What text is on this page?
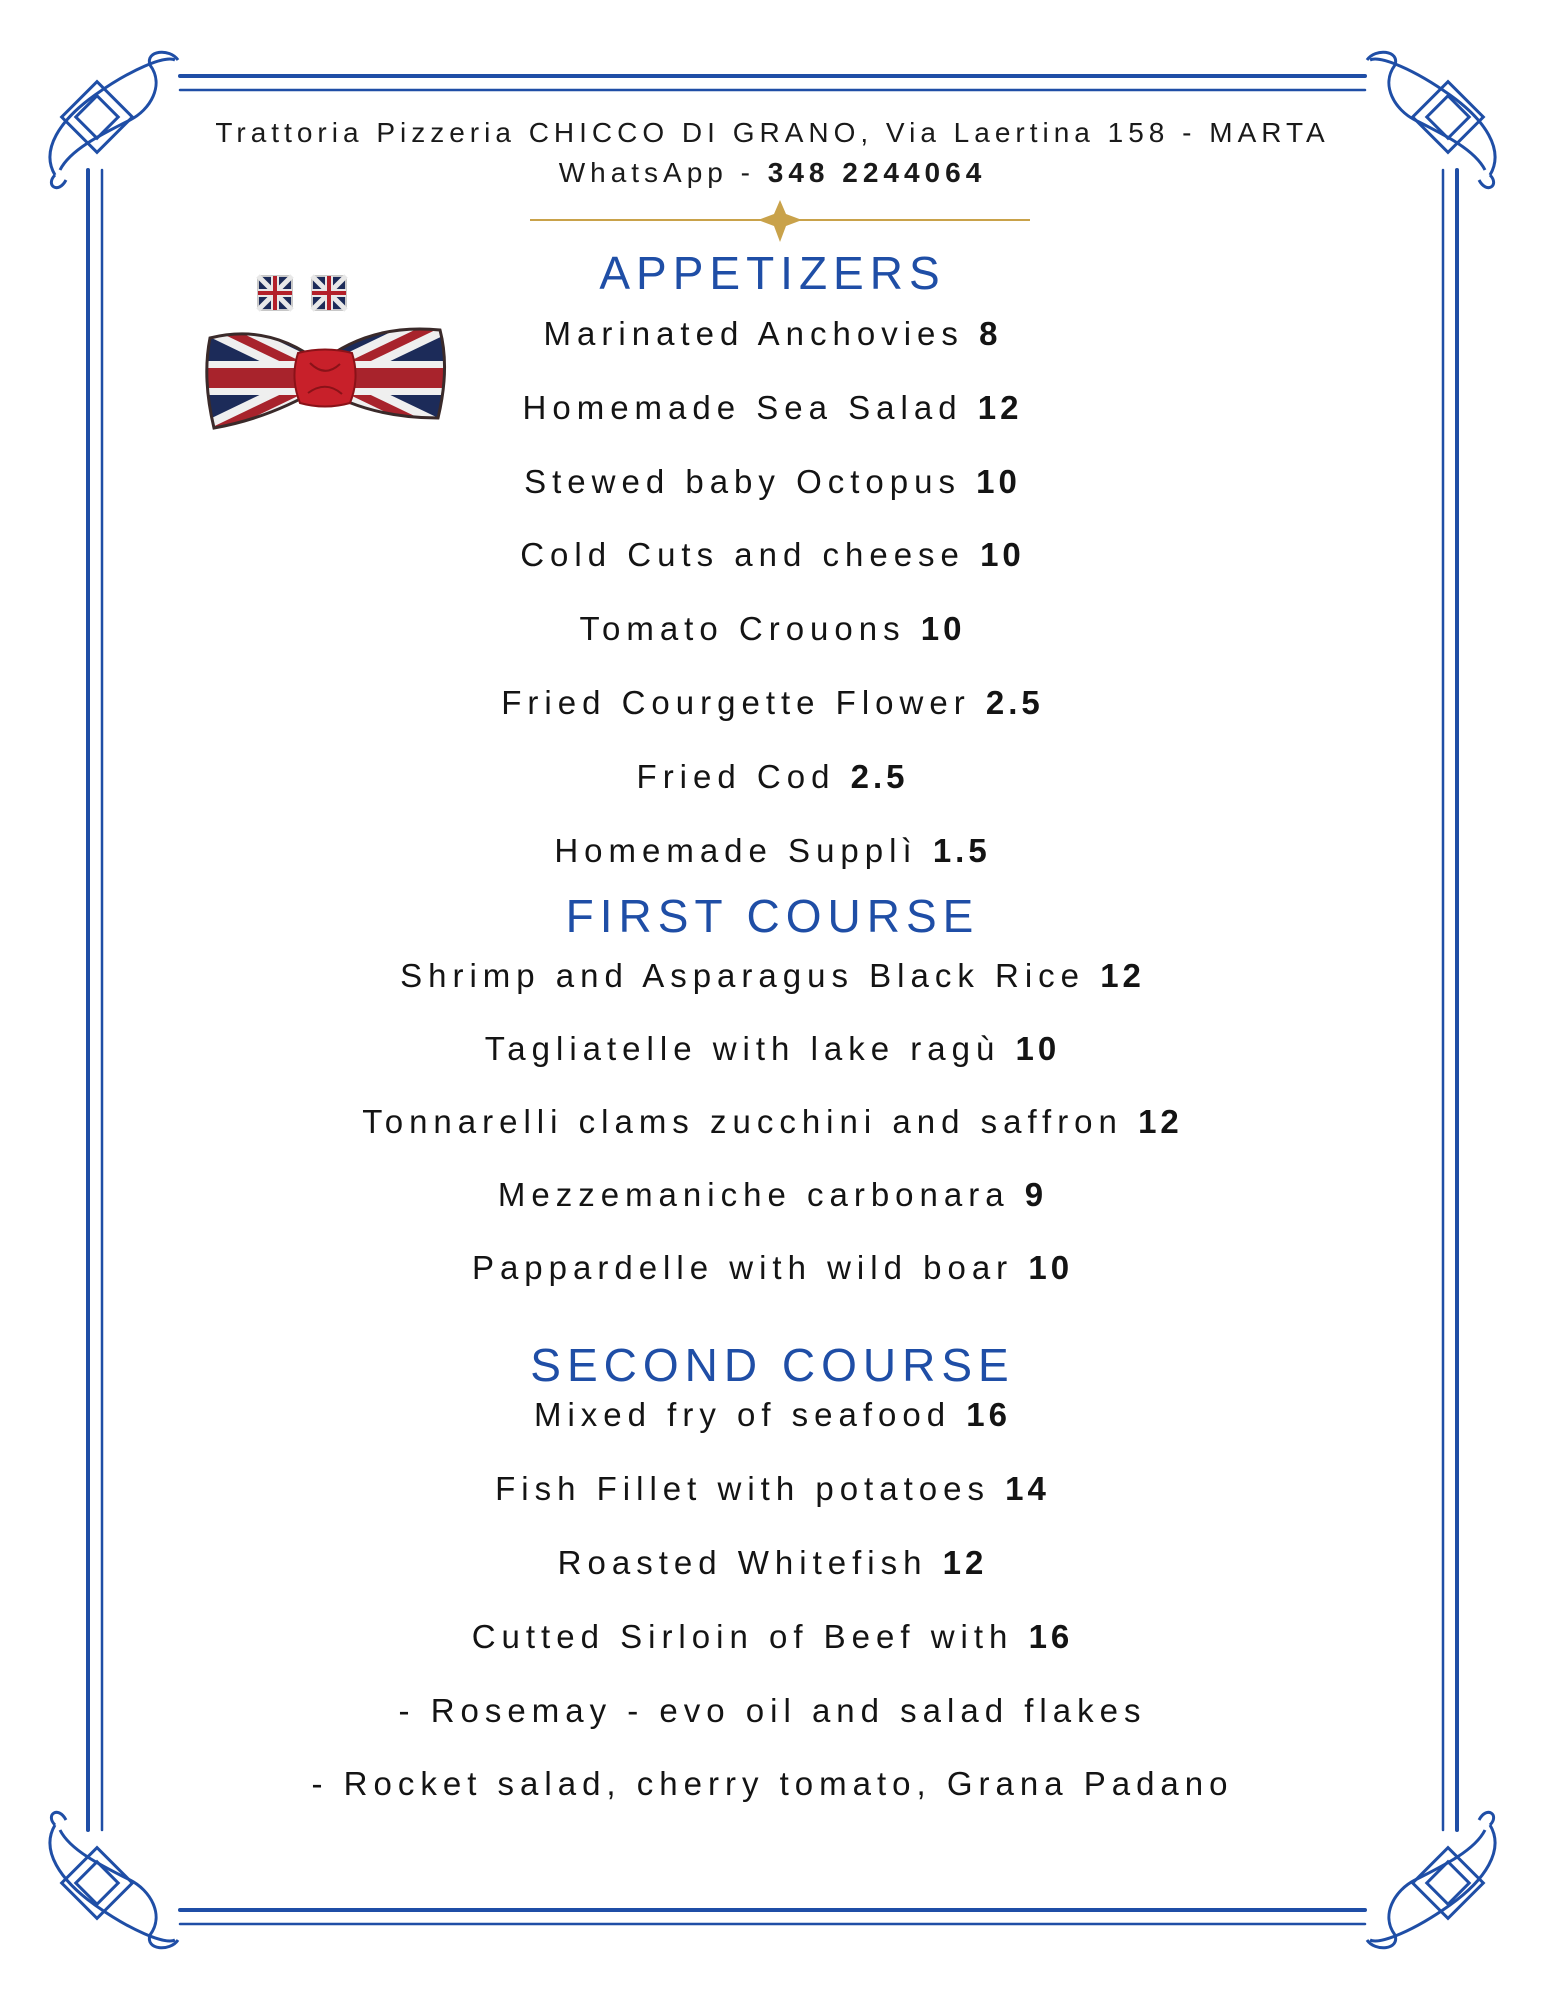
Trattoria Pizzeria CHICCO DI GRANO, Via Laertina 158 - MARTA
WhatsApp - 348 2244064
APPETIZERS
Marinated Anchovies 8
Homemade Sea Salad 12
Stewed baby Octopus 10
Cold Cuts and cheese 10
Tomato Crouons 10
Fried Courgette Flower 2.5
Fried Cod 2.5
Homemade Supplì 1.5
FIRST COURSE
Shrimp and Asparagus Black Rice 12
Tagliatelle with lake ragù 10
Tonnarelli clams zucchini and saffron 12
Mezzemaniche carbonara 9
Pappardelle with wild boar 10
SECOND COURSE
Mixed fry of seafood 16
Fish Fillet with potatoes 14
Roasted Whitefish 12
Cutted Sirloin of Beef with 16
- Rosemay - evo oil and salad flakes
- Rocket salad, cherry tomato, Grana Padano
